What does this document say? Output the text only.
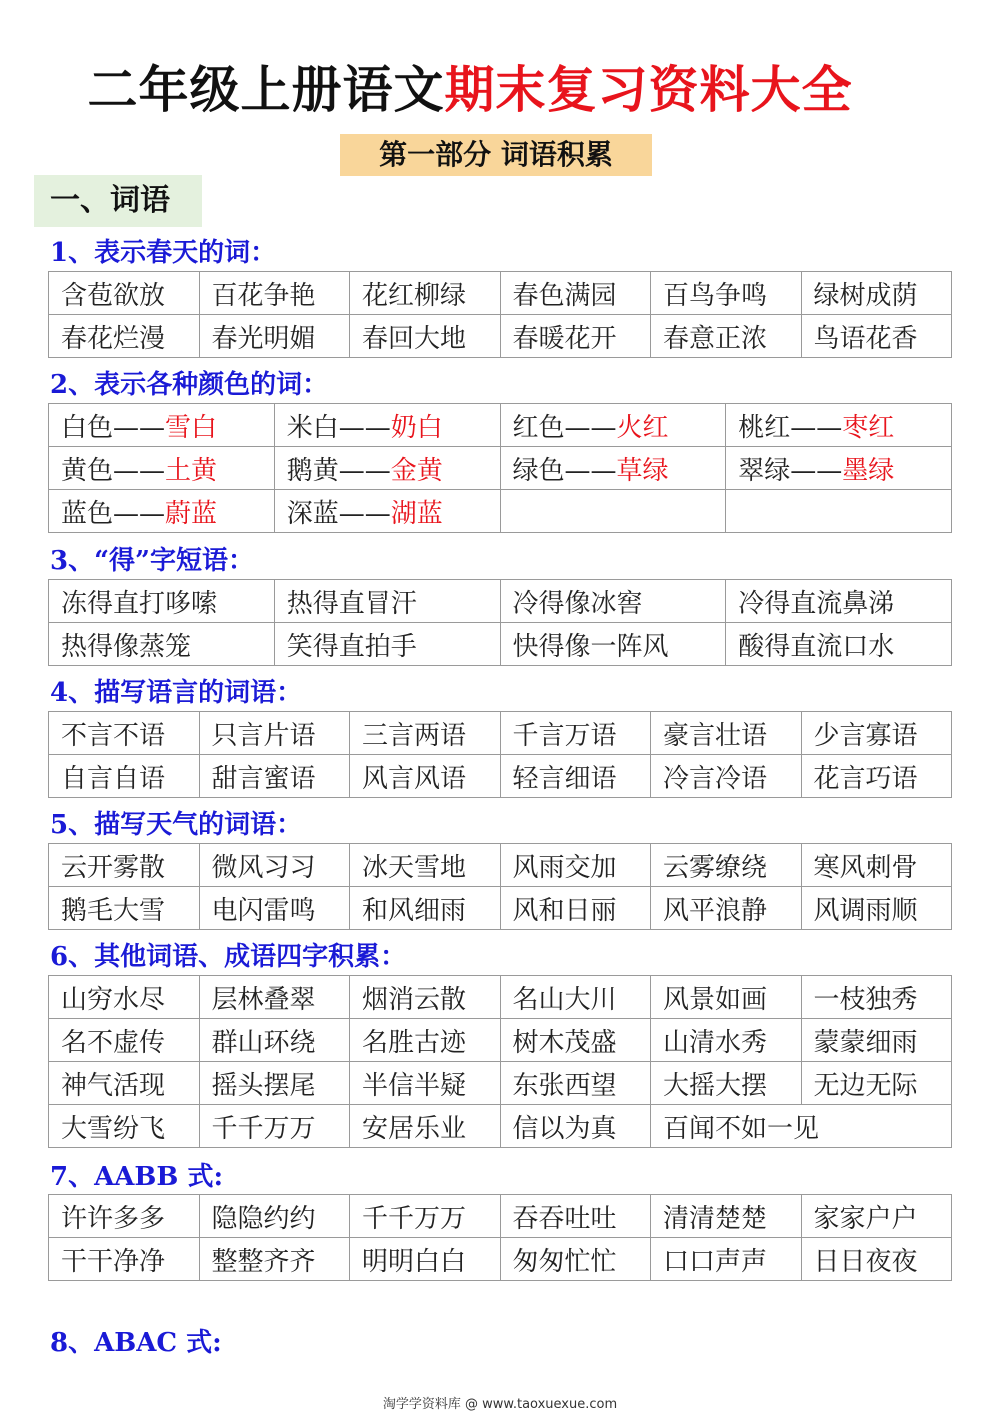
二年级上册语文期末复习资料大全
第一部分 词语积累
一、词语
1、表示春天的词：
含苞欲放	百花争艳	花红柳绿	春色满园	百鸟争鸣	绿树成荫
春花烂漫	春光明媚	春回大地	春暖花开	春意正浓	鸟语花香
2、表示各种颜色的词：
白色——雪白	米白——奶白	红色——火红	桃红——枣红
黄色——土黄	鹅黄——金黄	绿色——草绿	翠绿——墨绿
蓝色——蔚蓝	深蓝——湖蓝		
3、“得”字短语：
冻得直打哆嗦	热得直冒汗	冷得像冰窖	冷得直流鼻涕
热得像蒸笼	笑得直拍手	快得像一阵风	酸得直流口水
4、描写语言的词语：
不言不语	只言片语	三言两语	千言万语	豪言壮语	少言寡语
自言自语	甜言蜜语	风言风语	轻言细语	冷言冷语	花言巧语
5、描写天气的词语：
云开雾散	微风习习	冰天雪地	风雨交加	云雾缭绕	寒风刺骨
鹅毛大雪	电闪雷鸣	和风细雨	风和日丽	风平浪静	风调雨顺
6、其他词语、成语四字积累：
山穷水尽	层林叠翠	烟消云散	名山大川	风景如画	一枝独秀
名不虚传	群山环绕	名胜古迹	树木茂盛	山清水秀	蒙蒙细雨
神气活现	摇头摆尾	半信半疑	东张西望	大摇大摆	无边无际
大雪纷飞	千千万万	安居乐业	信以为真	百闻不如一见	
7、AABB 式:
许许多多	隐隐约约	千千万万	吞吞吐吐	清清楚楚	家家户户
干干净净	整整齐齐	明明白白	匆匆忙忙	口口声声	日日夜夜
8、ABAC 式:
淘学学资料库 @ www.taoxuexue.com
